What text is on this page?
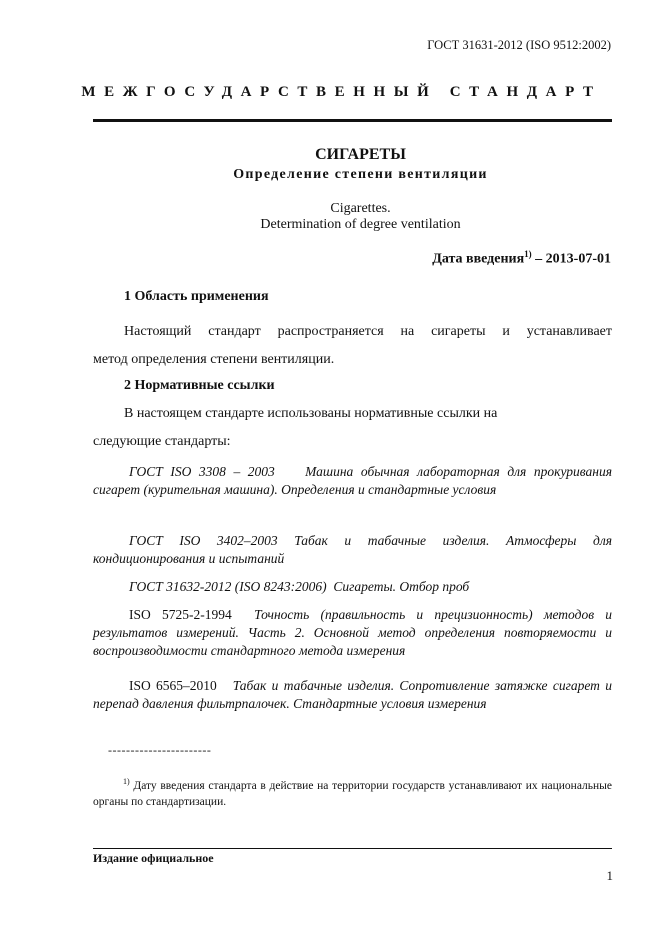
ГОСТ 31631-2012 (ISO 9512:2002)
МЕЖГОСУДАРСТВЕННЫЙ СТАНДАРТ
СИГАРЕТЫ
Определение степени вентиляции
Cigarettes.
Determination of degree ventilation
Дата введения$^{1)}$ – 2013-07-01
1 Область применения
Настоящий стандарт распространяется на сигареты и устанавливает
метод определения степени вентиляции.
2 Нормативные ссылки
В настоящем стандарте использованы нормативные ссылки на
следующие стандарты:
ГОСТ ISO 3308 – 2003 Машина обычная лабораторная для прокуривания сигарет (курительная машина). Определения и стандартные условия
ГОСТ ISO 3402–2003 Табак и табачные изделия. Атмосферы для кондиционирования и испытаний
ГОСТ 31632-2012 (ISO 8243:2006) Сигареты. Отбор проб
ISO 5725-2-1994 Точность (правильность и прецизионность) методов и результатов измерений. Часть 2. Основной метод определения повторяемости и воспроизводимости стандартного метода измерения
ISO 6565–2010 Табак и табачные изделия. Сопротивление затяжке сигарет и перепад давления фильтрпалочек. Стандартные условия измерения
-----------------------
$^{1)}$ Дату введения стандарта в действие на территории государств устанавливают их национальные органы по стандартизации.
Издание официальное
1
